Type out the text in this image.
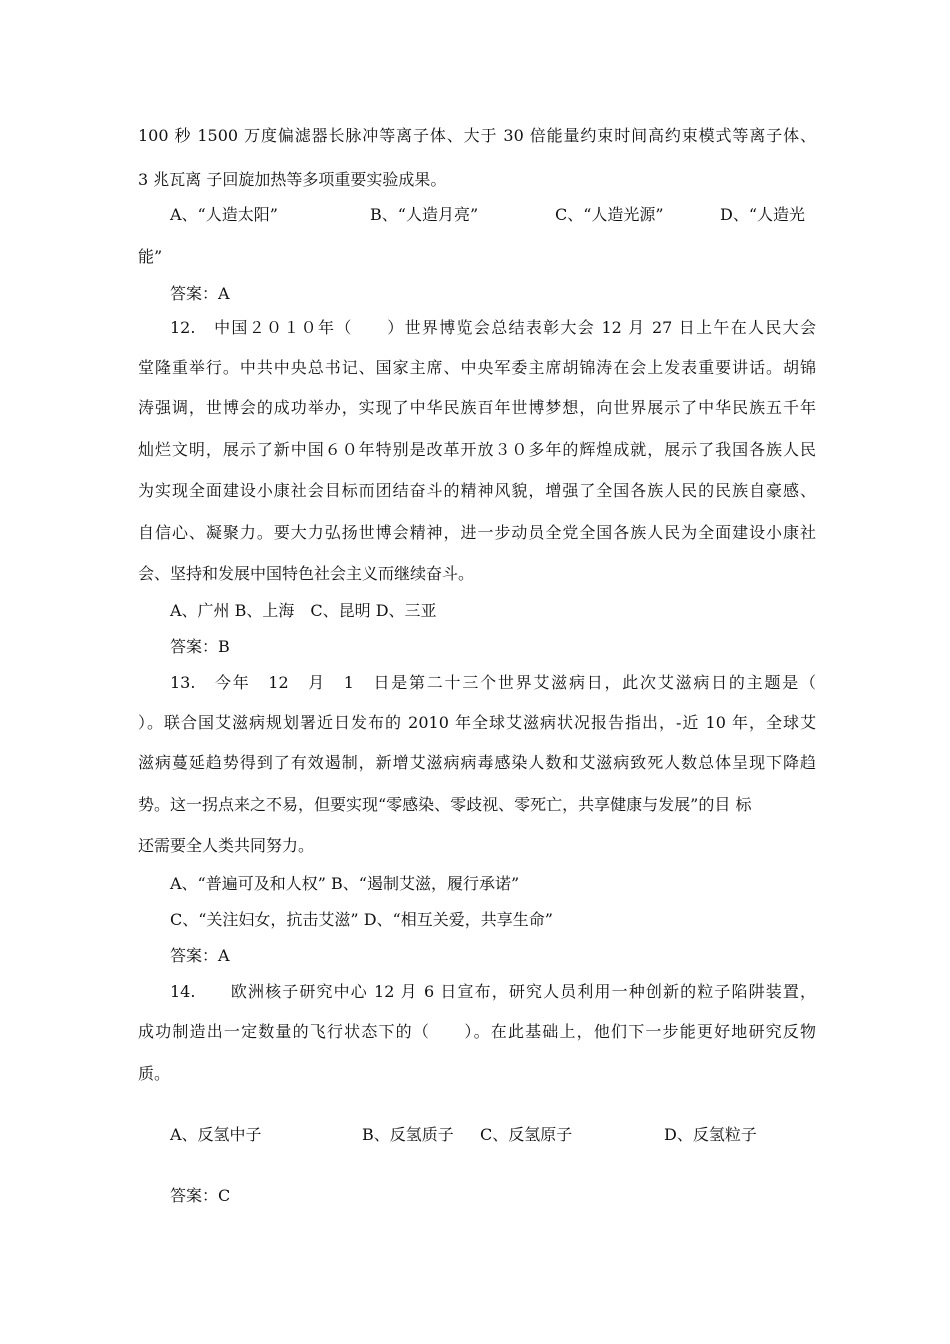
100 秒 1500 万度偏滤器长脉冲等离子体、大于 30 倍能量约束时间高约束模式等离子体、
3 兆瓦离 子回旋加热等多项重要实验成果。
A、“人造太阳”	B、“人造月亮”	C、“人造光源”	D、“人造光
能”
答案：A
12.　中国２０１０年（　　）世界博览会总结表彰大会 12 月 27 日上午在人民大会
堂隆重举行。中共中央总书记、国家主席、中央军委主席胡锦涛在会上发表重要讲话。胡锦
涛强调，世博会的成功举办，实现了中华民族百年世博梦想，向世界展示了中华民族五千年
灿烂文明，展示了新中国６０年特别是改革开放３０多年的辉煌成就，展示了我国各族人民
为实现全面建设小康社会目标而团结奋斗的精神风貌，增强了全国各族人民的民族自豪感、
自信心、凝聚力。要大力弘扬世博会精神，进一步动员全党全国各族人民为全面建设小康社
会、坚持和发展中国特色社会主义而继续奋斗。
A、广州 B、上海　C、昆明 D、三亚
答案：B
13.　今年　12　月　1　日是第二十三个世界艾滋病日，此次艾滋病日的主题是（
）。联合国艾滋病规划署近日发布的 2010 年全球艾滋病状况报告指出，-近 10 年，全球艾
滋病蔓延趋势得到了有效遏制，新增艾滋病病毒感染人数和艾滋病致死人数总体呈现下降趋
势。这一拐点来之不易，但要实现“零感染、零歧视、零死亡，共享健康与发展”的目 标
还需要全人类共同努力。
A、“普遍可及和人权” B、“遏制艾滋，履行承诺”
C、“关注妇女，抗击艾滋” D、“相互关爱，共享生命”
答案：A
14.　　欧洲核子研究中心 12 月 6 日宣布，研究人员利用一种创新的粒子陷阱装置，
成功制造出一定数量的飞行状态下的（　　）。在此基础上，他们下一步能更好地研究反物
质。
A、反氢中子	B、反氢质子 C、反氢原子	D、反氢粒子
答案：C
